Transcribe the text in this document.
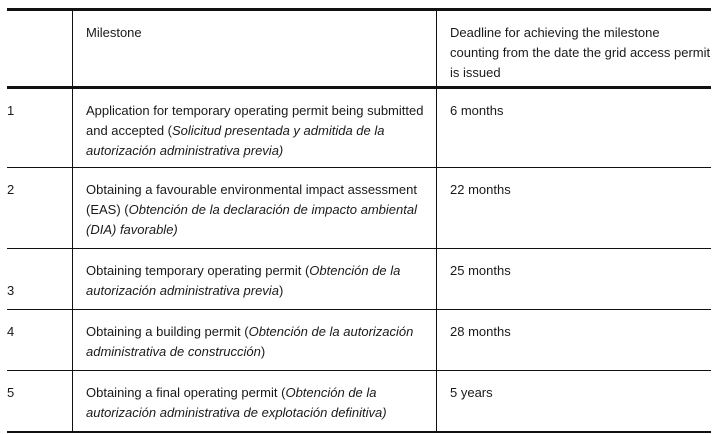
	Milestone	Deadline for achieving the milestone counting from the date the grid access permit is issued
1	Application for temporary operating permit being submitted and accepted (Solicitud presentada y admitida de la autorización administrativa previa)	6 months
2	Obtaining a favourable environmental impact assessment (EAS) (Obtención de la declaración de impacto ambiental (DIA) favorable)	22 months
3	Obtaining temporary operating permit (Obtención de la autorización administrativa previa)	25 months
4	Obtaining a building permit (Obtención de la autorización administrativa de construcción)	28 months
5	Obtaining a final operating permit (Obtención de la autorización administrativa de explotación definitiva)	5 years
